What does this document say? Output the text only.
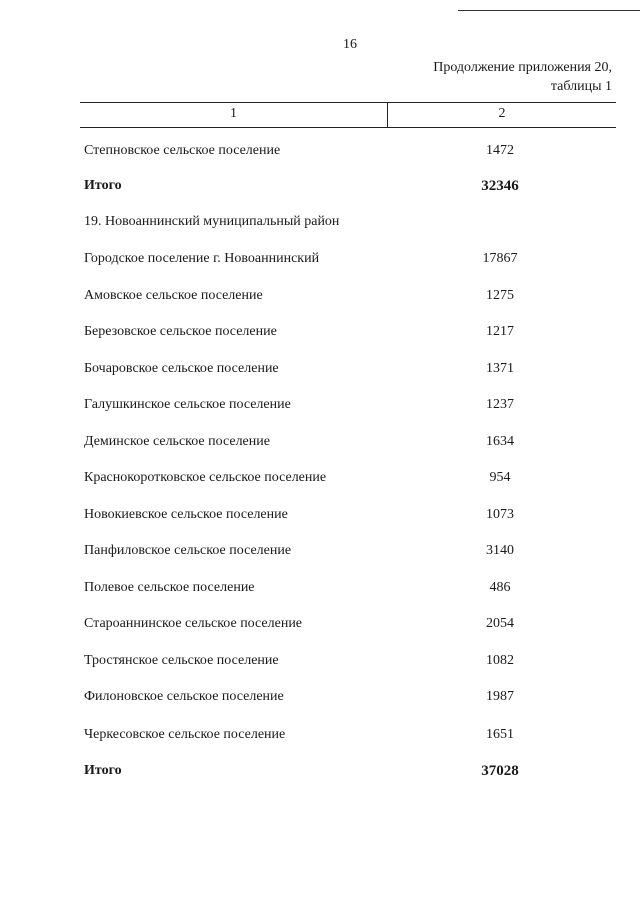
16
Продолжение приложения 20,
таблицы 1
1	2
Степновское сельское поселение	1472
Итого	32346
19. Новоаннинский муниципальный район
Городское поселение г. Новоаннинский	17867
Амовское сельское поселение	1275
Березовское сельское поселение	1217
Бочаровское сельское поселение	1371
Галушкинское сельское поселение	1237
Деминское сельское поселение	1634
Краснокоротковское сельское поселение	954
Новокиевское сельское поселение	1073
Панфиловское сельское поселение	3140
Полевое сельское поселение	486
Староаннинское сельское поселение	2054
Тростянское сельское поселение	1082
Филоновское сельское поселение	1987
Черкесовское сельское поселение	1651
Итого	37028
